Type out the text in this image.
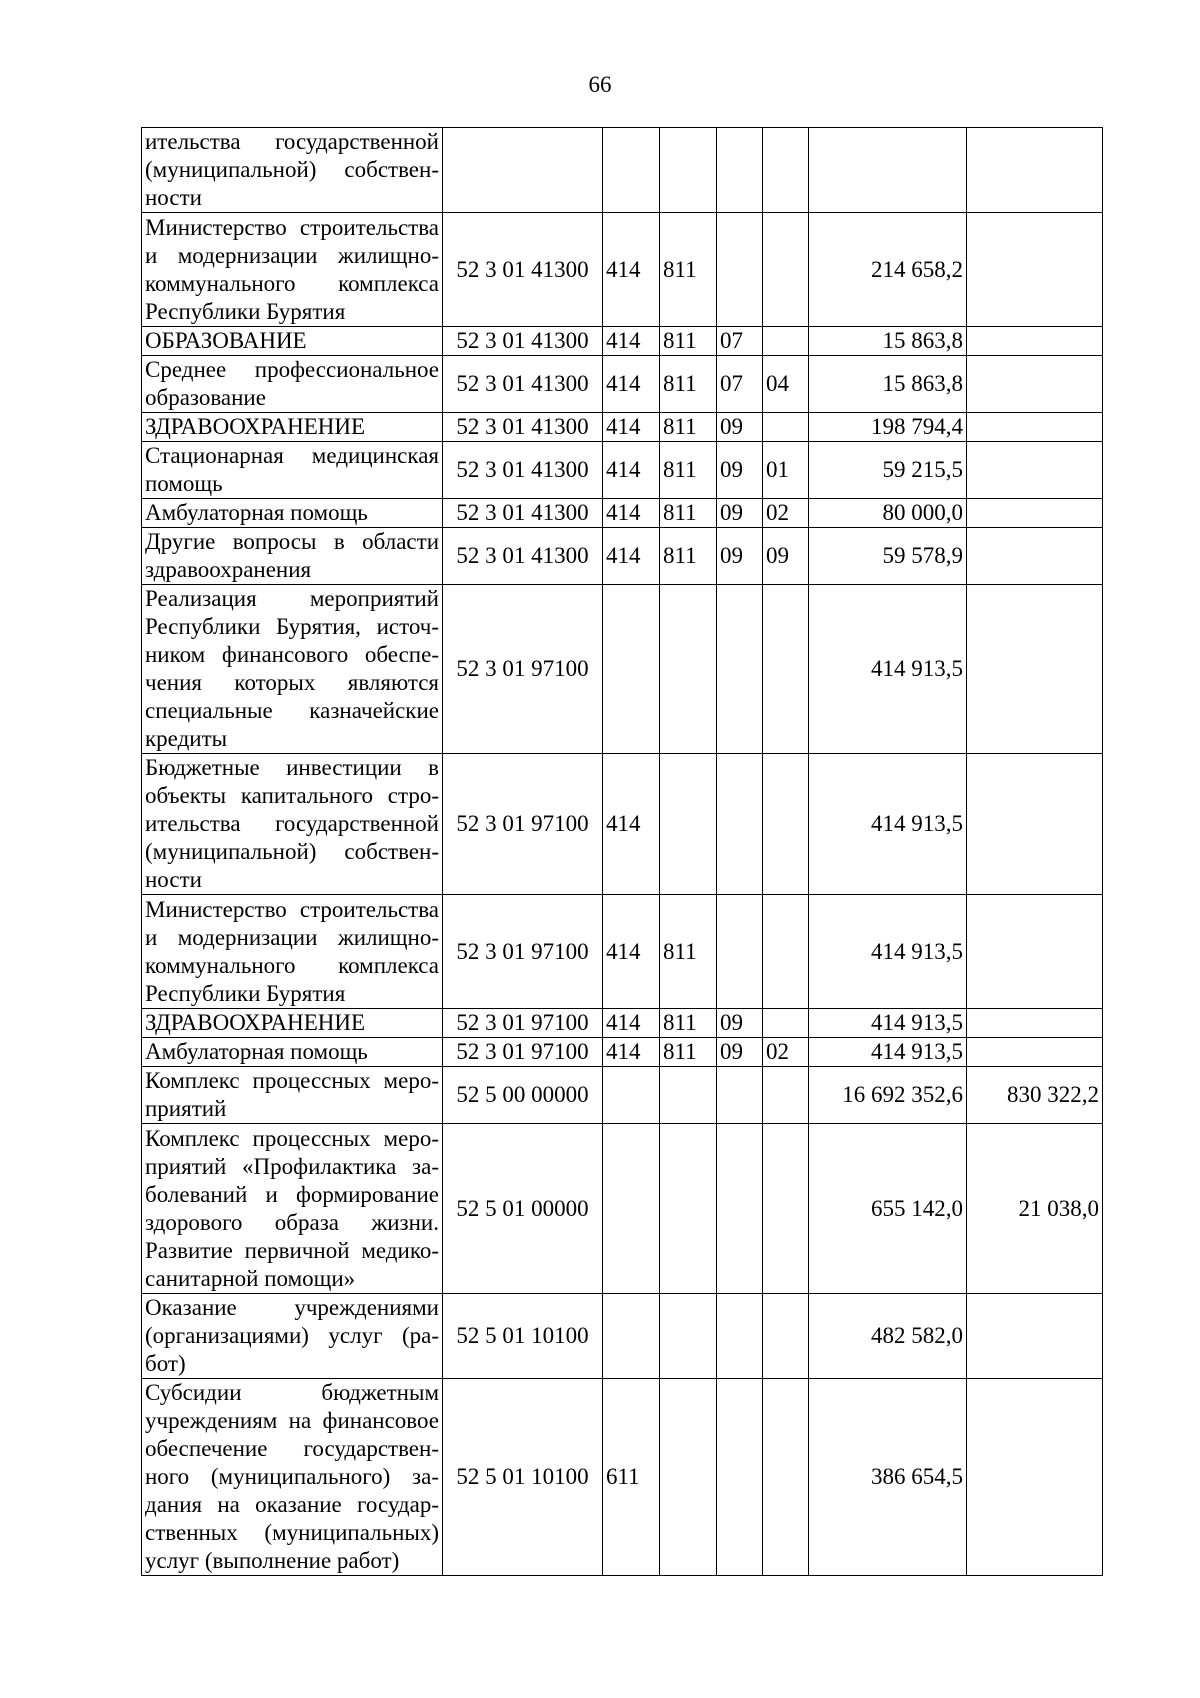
66
ительства государственной (муниципальной) собственности							
Министерство строительства и модернизации жилищно-коммунального комплекса Республики Бурятия	52 3 01 41300	414	811			214 658,2	
ОБРАЗОВАНИЕ	52 3 01 41300	414	811	07		15 863,8	
Среднее профессиональное образование	52 3 01 41300	414	811	07	04	15 863,8	
ЗДРАВООХРАНЕНИЕ	52 3 01 41300	414	811	09		198 794,4	
Стационарная медицинская помощь	52 3 01 41300	414	811	09	01	59 215,5	
Амбулаторная помощь	52 3 01 41300	414	811	09	02	80 000,0	
Другие вопросы в области здравоохранения	52 3 01 41300	414	811	09	09	59 578,9	
Реализация мероприятий Республики Бурятия, источником финансового обеспечения которых являются специальные казначейские кредиты	52 3 01 97100					414 913,5	
Бюджетные инвестиции в объекты капитального строительства государственной (муниципальной) собственности	52 3 01 97100	414				414 913,5	
Министерство строительства и модернизации жилищно-коммунального комплекса Республики Бурятия	52 3 01 97100	414	811			414 913,5	
ЗДРАВООХРАНЕНИЕ	52 3 01 97100	414	811	09		414 913,5	
Амбулаторная помощь	52 3 01 97100	414	811	09	02	414 913,5	
Комплекс процессных мероприятий	52 5 00 00000					16 692 352,6	830 322,2
Комплекс процессных мероприятий «Профилактика заболеваний и формирование здорового образа жизни. Развитие первичной медико-санитарной помощи»	52 5 01 00000					655 142,0	21 038,0
Оказание учреждениями (организациями) услуг (работ)	52 5 01 10100					482 582,0	
Субсидии бюджетным учреждениям на финансовое обеспечение государственного (муниципального) задания на оказание государственных (муниципальных) услуг (выполнение работ)	52 5 01 10100	611				386 654,5	
